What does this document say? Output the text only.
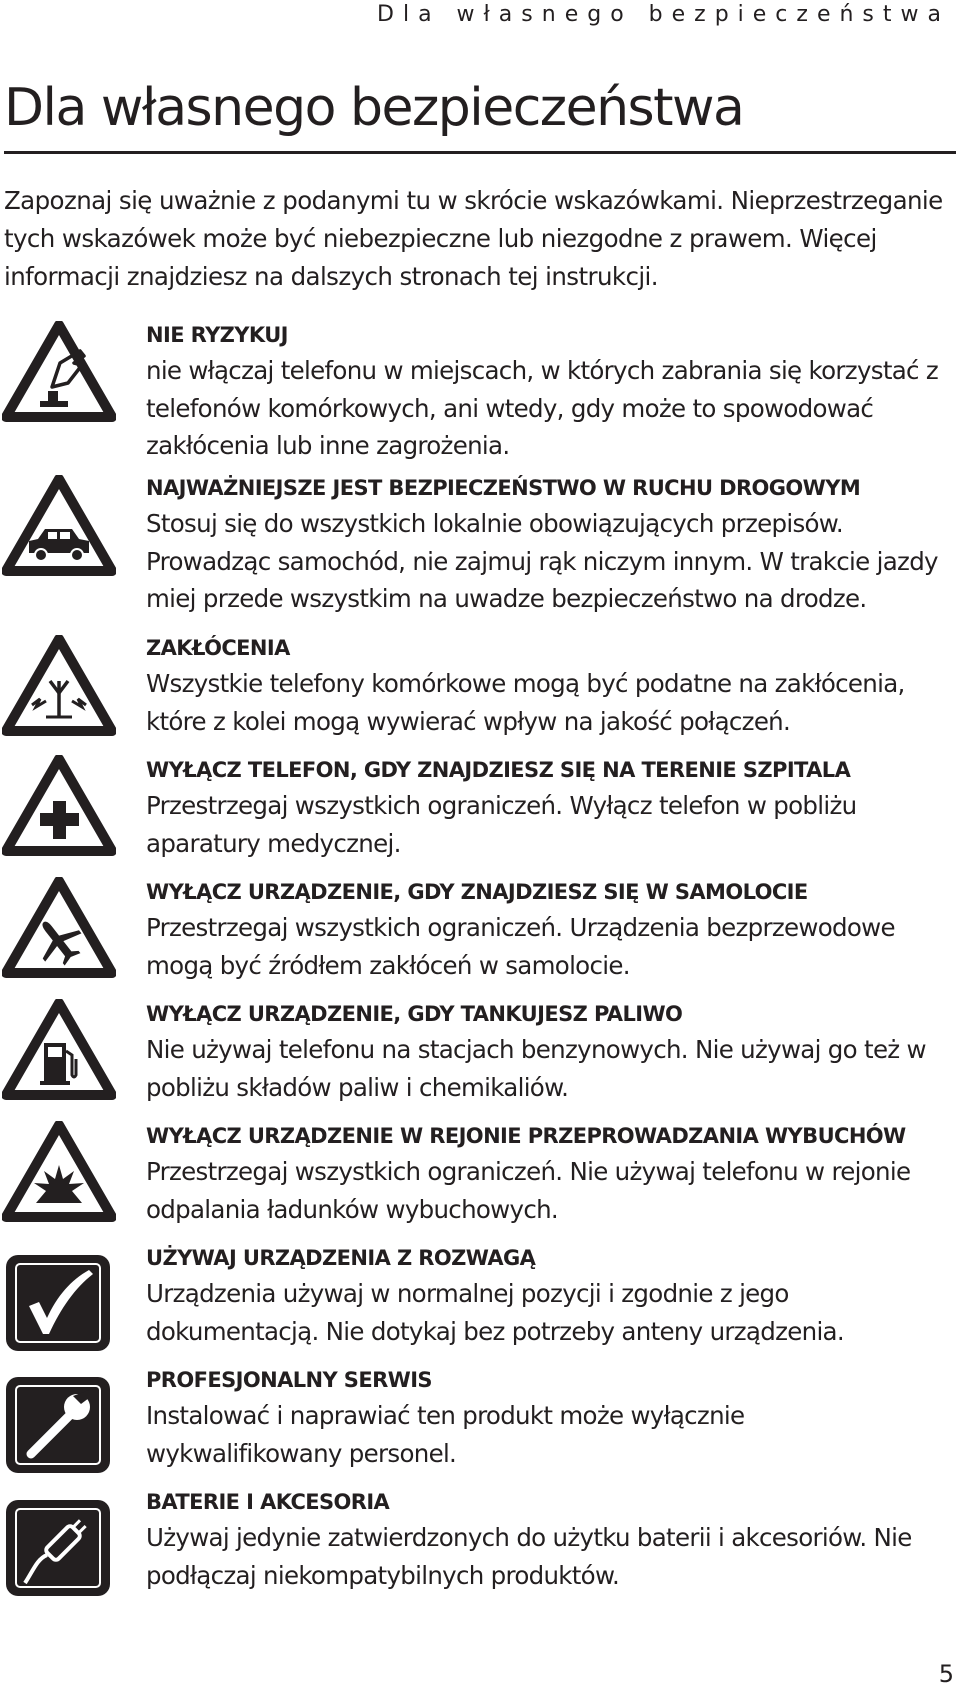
Dla własnego bezpieczeństwa
Dla własnego bezpieczeństwa

Zapoznaj się uważnie z podanymi tu w skrócie wskazówkami. Nieprzestrzeganie tych wskazówek może być niebezpieczne lub niezgodne z prawem. Więcej informacji znajdziesz na dalszych stronach tej instrukcji.

NIE RYZYKUJ
nie włączaj telefonu w miejscach, w których zabrania się korzystać z telefonów komórkowych, ani wtedy, gdy może to spowodować zakłócenia lub inne zagrożenia.
NAJWAŻNIEJSZE JEST BEZPIECZEŃSTWO W RUCHU DROGOWYM
Stosuj się do wszystkich lokalnie obowiązujących przepisów. Prowadząc samochód, nie zajmuj rąk niczym innym. W trakcie jazdy miej przede wszystkim na uwadze bezpieczeństwo na drodze.
ZAKŁÓCENIA
Wszystkie telefony komórkowe mogą być podatne na zakłócenia, które z kolei mogą wywierać wpływ na jakość połączeń.
WYŁĄCZ TELEFON, GDY ZNAJDZIESZ SIĘ NA TERENIE SZPITALA
Przestrzegaj wszystkich ograniczeń. Wyłącz telefon w pobliżu aparatury medycznej.
WYŁĄCZ URZĄDZENIE, GDY ZNAJDZIESZ SIĘ W SAMOLOCIE
Przestrzegaj wszystkich ograniczeń. Urządzenia bezprzewodowe mogą być źródłem zakłóceń w samolocie.
WYŁĄCZ URZĄDZENIE, GDY TANKUJESZ PALIWO
Nie używaj telefonu na stacjach benzynowych. Nie używaj go też w pobliżu składów paliw i chemikaliów.
WYŁĄCZ URZĄDZENIE W REJONIE PRZEPROWADZANIA WYBUCHÓW
Przestrzegaj wszystkich ograniczeń. Nie używaj telefonu w rejonie odpalania ładunków wybuchowych.
UŻYWAJ URZĄDZENIA Z ROZWAGĄ
Urządzenia używaj w normalnej pozycji i zgodnie z jego dokumentacją. Nie dotykaj bez potrzeby anteny urządzenia.
PROFESJONALNY SERWIS
Instalować i naprawiać ten produkt może wyłącznie wykwalifikowany personel.
BATERIE I AKCESORIA
Używaj jedynie zatwierdzonych do użytku baterii i akcesoriów. Nie podłączaj niekompatybilnych produktów.
5
